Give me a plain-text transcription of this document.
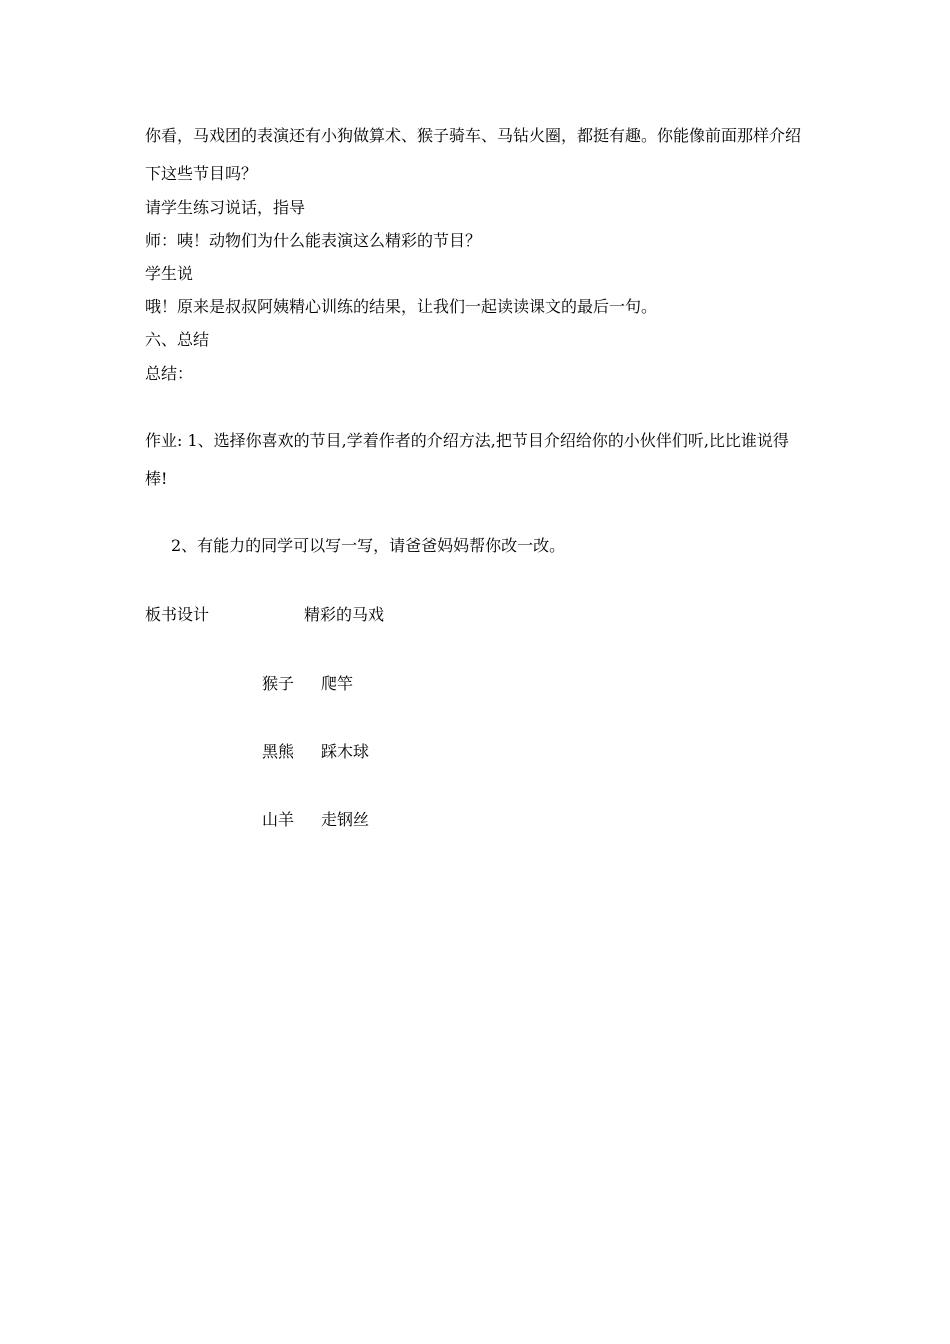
你看，马戏团的表演还有小狗做算术、猴子骑车、马钻火圈，都挺有趣。你能像前面那样介绍
下这些节目吗？
请学生练习说话，指导
师：咦！动物们为什么能表演这么精彩的节目？
学生说
哦！原来是叔叔阿姨精心训练的结果，让我们一起读读课文的最后一句。
六、总结
总结：
作业: 1、选择你喜欢的节目,学着作者的介绍方法,把节目介绍给你的小伙伴们听,比比谁说得
棒!
2、有能力的同学可以写一写，请爸爸妈妈帮你改一改。
板书设计	精彩的马戏
猴子 爬竿
黑熊 踩木球
山羊 走钢丝
